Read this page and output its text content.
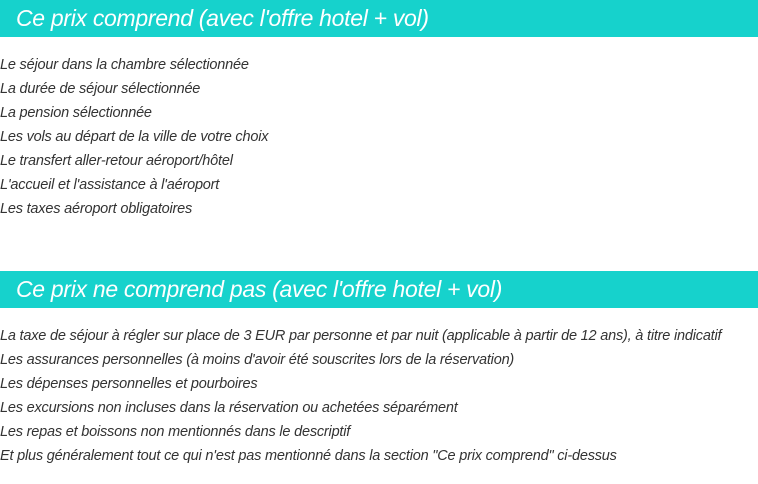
Ce prix comprend (avec l'offre hotel + vol)
Le séjour dans la chambre sélectionnée
La durée de séjour sélectionnée
La pension sélectionnée
Les vols au départ de la ville de votre choix
Le transfert aller-retour aéroport/hôtel
L'accueil et l'assistance à l'aéroport
Les taxes aéroport obligatoires
Ce prix ne comprend pas (avec l'offre hotel + vol)
La taxe de séjour à régler sur place de 3 EUR par personne et par nuit (applicable à partir de 12 ans), à titre indicatif
Les assurances personnelles (à moins d'avoir été souscrites lors de la réservation)
Les dépenses personnelles et pourboires
Les excursions non incluses dans la réservation ou achetées séparément
Les repas et boissons non mentionnés dans le descriptif
Et plus généralement tout ce qui n'est pas mentionné dans la section "Ce prix comprend" ci-dessus
